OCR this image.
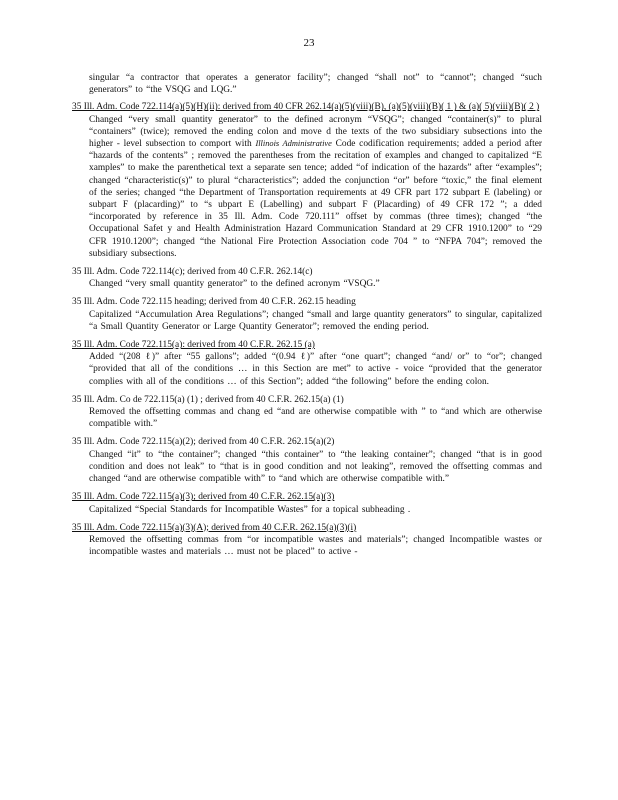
23
singular “a contractor that operates a generator facility”; changed “shall not” to “cannot”; changed “such generators” to “the VSQG and LQG.”
35 Ill. Adm. Code 722.114(a)(5)(H)(ii): derived from 40 CFR 262.14(a)(5)(viii)(B), (a)(5)(viii)(B)( 1 ) & (a)( 5)(viii)(B)( 2 )
Changed “very small quantity generator” to the defined acronym “VSQG”; changed “container(s)” to plural “containers” (twice); removed the ending colon and move d the texts of the two subsidiary subsections into the higher - level subsection to comport with Illinois Administrative Code codification requirements; added a period after “hazards of the contents” ; removed the parentheses from the recitation of examples and changed to capitalized “E xamples” to make the parenthetical text a separate sen tence; added “of indication of the hazards” after “examples”; changed “characteristic(s)” to plural “characteristics”; added the conjunction “or” before “toxic,” the final element of the series; changed “the Department of Transportation requirements at 49 CFR part 172 subpart E (labeling) or subpart F (placarding)” to “s ubpart E (Labelling) and subpart F (Placarding) of 49 CFR 172 ”; a dded “incorporated by reference in 35 Ill. Adm. Code 720.111” offset by commas (three times); changed “the Occupational Safet y and Health Administration Hazard Communication Standard at 29 CFR 1910.1200” to “29 CFR 1910.1200”; changed “the National Fire Protection Association code 704 ” to “NFPA 704”; removed the subsidiary subsections.
35 Ill. Adm. Code 722.114(c); derived from 40 C.F.R. 262.14(c)
Changed “very small quantity generator” to the defined acronym “VSQG.”
35 Ill. Adm. Code 722.115 heading; derived from 40 C.F.R. 262.15 heading
Capitalized “Accumulation Area Regulations”; changed “small and large quantity generators” to singular, capitalized “a Small Quantity Generator or Large Quantity Generator”; removed the ending period.
35 Ill. Adm. Code 722.115(a): derived from 40 C.F.R. 262.15 (a)
Added “(208 ℓ)” after “55 gallons”; added “(0.94 ℓ)” after “one quart”; changed “and/ or” to “or”; changed “provided that all of the conditions … in this Section are met” to active - voice “provided that the generator complies with all of the conditions … of this Section”; added “the following” before the ending colon.
35 Ill. Adm. Co de 722.115(a) (1) ; derived from 40 C.F.R. 262.15(a) (1)
Removed the offsetting commas and chang ed “and are otherwise compatible with ” to “and which are otherwise compatible with.”
35 Ill. Adm. Code 722.115(a)(2); derived from 40 C.F.R. 262.15(a)(2)
Changed “it” to “the container”; changed “this container” to “the leaking container”; changed “that is in good condition and does not leak” to “that is in good condition and not leaking”, removed the offsetting commas and changed “and are otherwise compatible with” to “and which are otherwise compatible with.”
35 Ill. Adm. Code 722.115(a)(3); derived from 40 C.F.R. 262.15(a)(3)
Capitalized “Special Standards for Incompatible Wastes” for a topical subheading .
35 Ill. Adm. Code 722.115(a)(3)(A); derived from 40 C.F.R. 262.15(a)(3)(i)
Removed the offsetting commas from “or incompatible wastes and materials”; changed Incompatible wastes or incompatible wastes and materials … must not be placed” to active -
